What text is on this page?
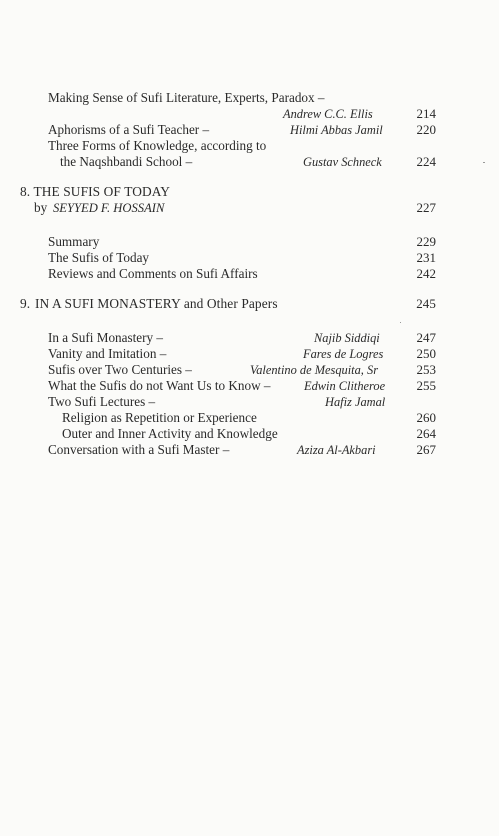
Making Sense of Sufi Literature, Experts, Paradox –
Andrew C.C. Ellis	214
Aphorisms of a Sufi Teacher –	Hilmi Abbas Jamil	220
Three Forms of Knowledge, according to
the Naqshbandi School –	Gustav Schneck	224
8. THE SUFIS OF TODAY
by SEYYED F. HOSSAIN	227
Summary	229
The Sufis of Today	231
Reviews and Comments on Sufi Affairs	242
9. IN A SUFI MONASTERY and Other Papers	245
In a Sufi Monastery –	Najib Siddiqi	247
Vanity and Imitation –	Fares de Logres	250
Sufis over Two Centuries –	Valentino de Mesquita, Sr	253
What the Sufis do not Want Us to Know –	Edwin Clitheroe	255
Two Sufi Lectures –	Hafiz Jamal
Religion as Repetition or Experience	260
Outer and Inner Activity and Knowledge	264
Conversation with a Sufi Master –	Aziza Al-Akbari	267
